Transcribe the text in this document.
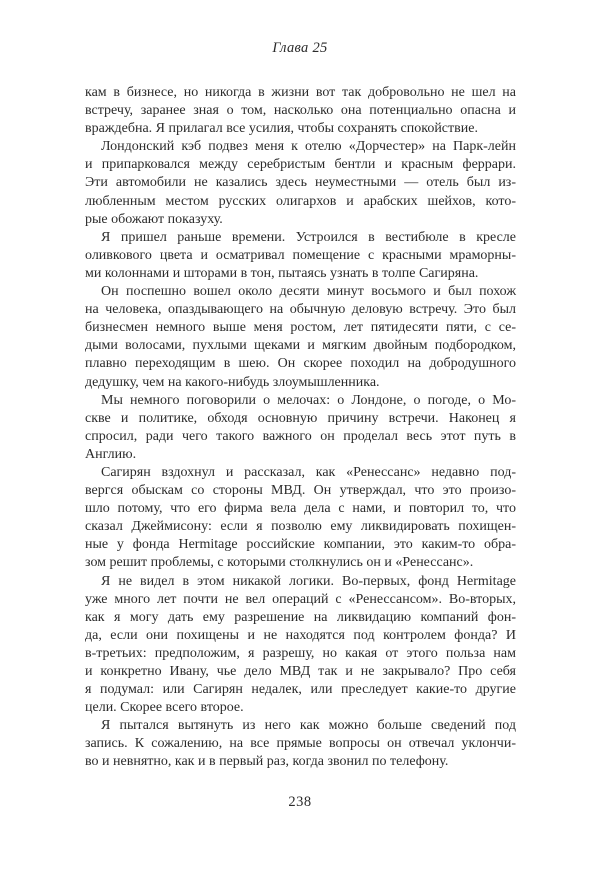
Глава 25
кам в бизнесе, но никогда в жизни вот так добровольно не шел на
встречу, заранее зная о том, насколько она потенциально опасна и
враждебна. Я прилагал все усилия, чтобы сохранять спокойствие.
Лондонский кэб подвез меня к отелю «Дорчестер» на Парк-лейн
и припарковался между серебристым бентли и красным феррари.
Эти автомобили не казались здесь неуместными — отель был из-
любленным местом русских олигархов и арабских шейхов, кото-
рые обожают показуху.
Я пришел раньше времени. Устроился в вестибюле в кресле
оливкового цвета и осматривал помещение с красными мраморны-
ми колоннами и шторами в тон, пытаясь узнать в толпе Сагиряна.
Он поспешно вошел около десяти минут восьмого и был похож
на человека, опаздывающего на обычную деловую встречу. Это был
бизнесмен немного выше меня ростом, лет пятидесяти пяти, с се-
дыми волосами, пухлыми щеками и мягким двойным подбородком,
плавно переходящим в шею. Он скорее походил на добродушного
дедушку, чем на какого-нибудь злоумышленника.
Мы немного поговорили о мелочах: о Лондоне, о погоде, о Мо-
скве и политике, обходя основную причину встречи. Наконец я
спросил, ради чего такого важного он проделал весь этот путь в
Англию.
Сагирян вздохнул и рассказал, как «Ренессанс» недавно под-
вергся обыскам со стороны МВД. Он утверждал, что это произо-
шло потому, что его фирма вела дела с нами, и повторил то, что
сказал Джеймисону: если я позволю ему ликвидировать похищен-
ные у фонда Hermitage российские компании, это каким-то обра-
зом решит проблемы, с которыми столкнулись он и «Ренессанс».
Я не видел в этом никакой логики. Во-первых, фонд Hermitage
уже много лет почти не вел операций с «Ренессансом». Во-вторых,
как я могу дать ему разрешение на ликвидацию компаний фон-
да, если они похищены и не находятся под контролем фонда? И
в-третьих: предположим, я разрешу, но какая от этого польза нам
и конкретно Ивану, чье дело МВД так и не закрывало? Про себя
я подумал: или Сагирян недалек, или преследует какие-то другие
цели. Скорее всего второе.
Я пытался вытянуть из него как можно больше сведений под
запись. К сожалению, на все прямые вопросы он отвечал уклончи-
во и невнятно, как и в первый раз, когда звонил по телефону.
238
